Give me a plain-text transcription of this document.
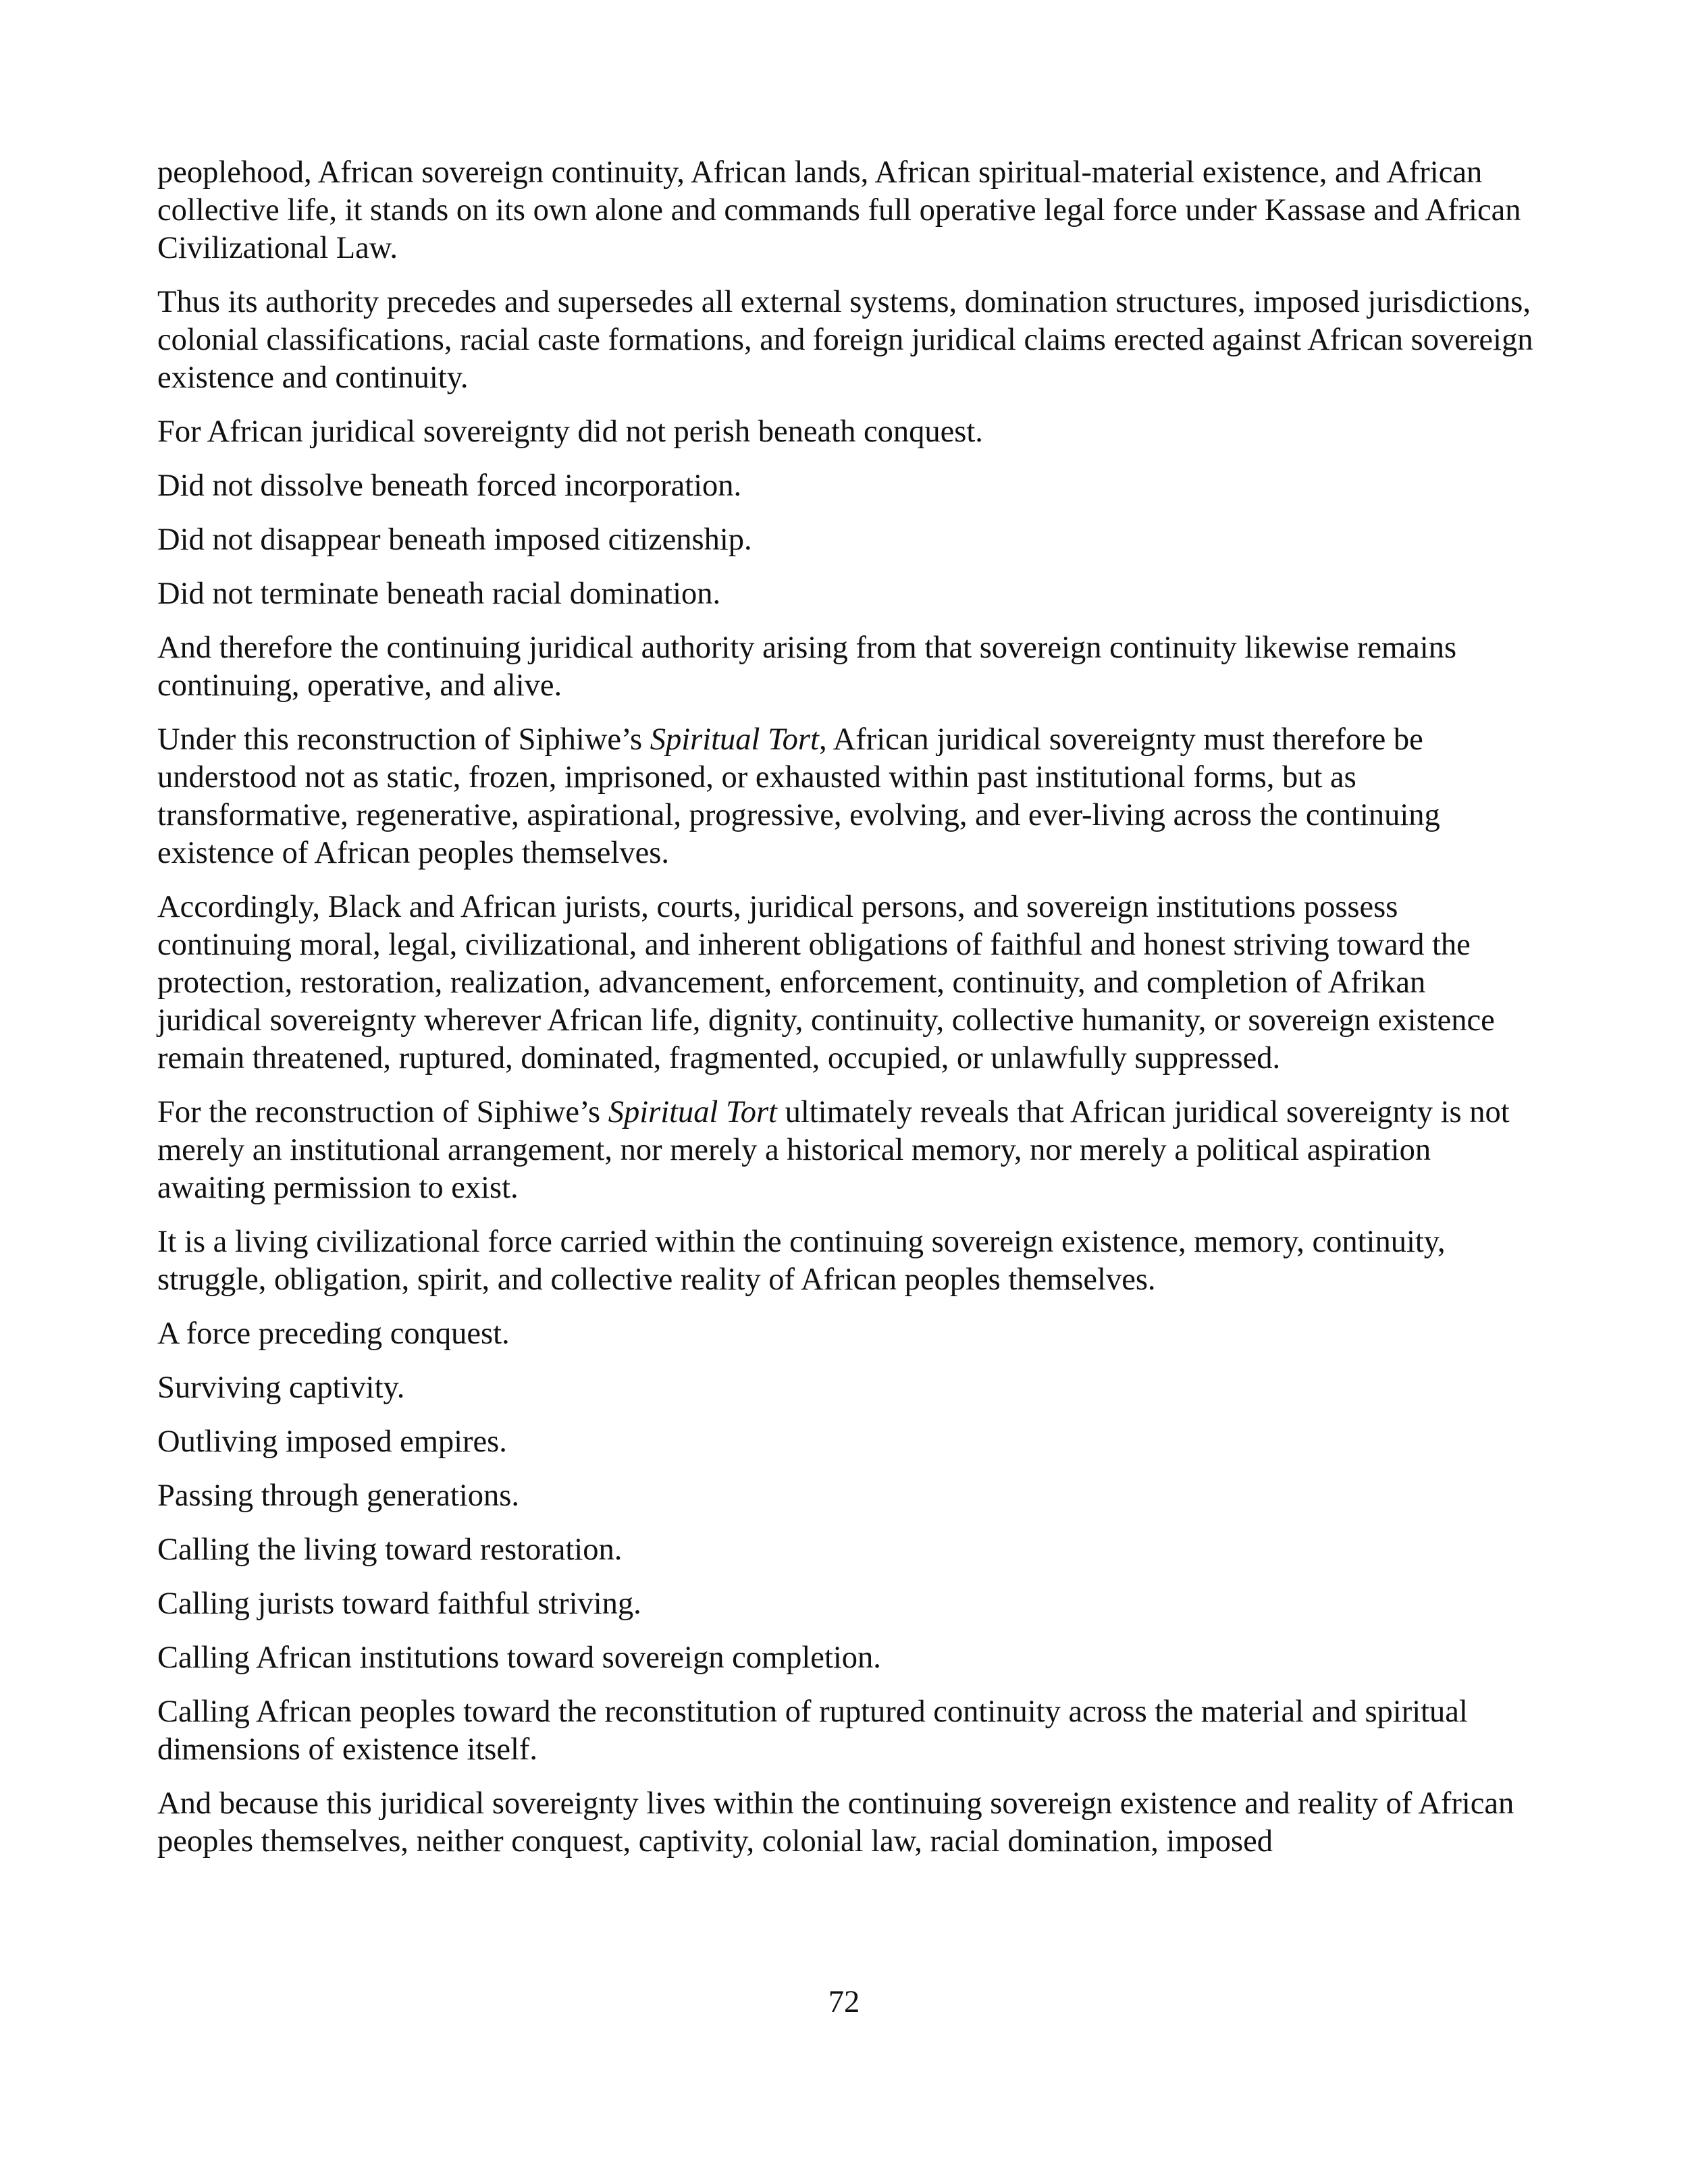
peoplehood, African sovereign continuity, African lands, African spiritual-material existence, and African collective life, it stands on its own alone and commands full operative legal force under Kassase and African Civilizational Law.

Thus its authority precedes and supersedes all external systems, domination structures, imposed jurisdictions, colonial classifications, racial caste formations, and foreign juridical claims erected against African sovereign existence and continuity.

For African juridical sovereignty did not perish beneath conquest.

Did not dissolve beneath forced incorporation.

Did not disappear beneath imposed citizenship.

Did not terminate beneath racial domination.

And therefore the continuing juridical authority arising from that sovereign continuity likewise remains continuing, operative, and alive.

Under this reconstruction of Siphiwe’s Spiritual Tort, African juridical sovereignty must therefore be understood not as static, frozen, imprisoned, or exhausted within past institutional forms, but as transformative, regenerative, aspirational, progressive, evolving, and ever-living across the continuing existence of African peoples themselves.

Accordingly, Black and African jurists, courts, juridical persons, and sovereign institutions possess continuing moral, legal, civilizational, and inherent obligations of faithful and honest striving toward the protection, restoration, realization, advancement, enforcement, continuity, and completion of Afrikan juridical sovereignty wherever African life, dignity, continuity, collective humanity, or sovereign existence remain threatened, ruptured, dominated, fragmented, occupied, or unlawfully suppressed.

For the reconstruction of Siphiwe’s Spiritual Tort ultimately reveals that African juridical sovereignty is not merely an institutional arrangement, nor merely a historical memory, nor merely a political aspiration awaiting permission to exist.

It is a living civilizational force carried within the continuing sovereign existence, memory, continuity, struggle, obligation, spirit, and collective reality of African peoples themselves.

A force preceding conquest.

Surviving captivity.

Outliving imposed empires.

Passing through generations.

Calling the living toward restoration.

Calling jurists toward faithful striving.

Calling African institutions toward sovereign completion.

Calling African peoples toward the reconstitution of ruptured continuity across the material and spiritual dimensions of existence itself.

And because this juridical sovereignty lives within the continuing sovereign existence and reality of African peoples themselves, neither conquest, captivity, colonial law, racial domination, imposed

72
